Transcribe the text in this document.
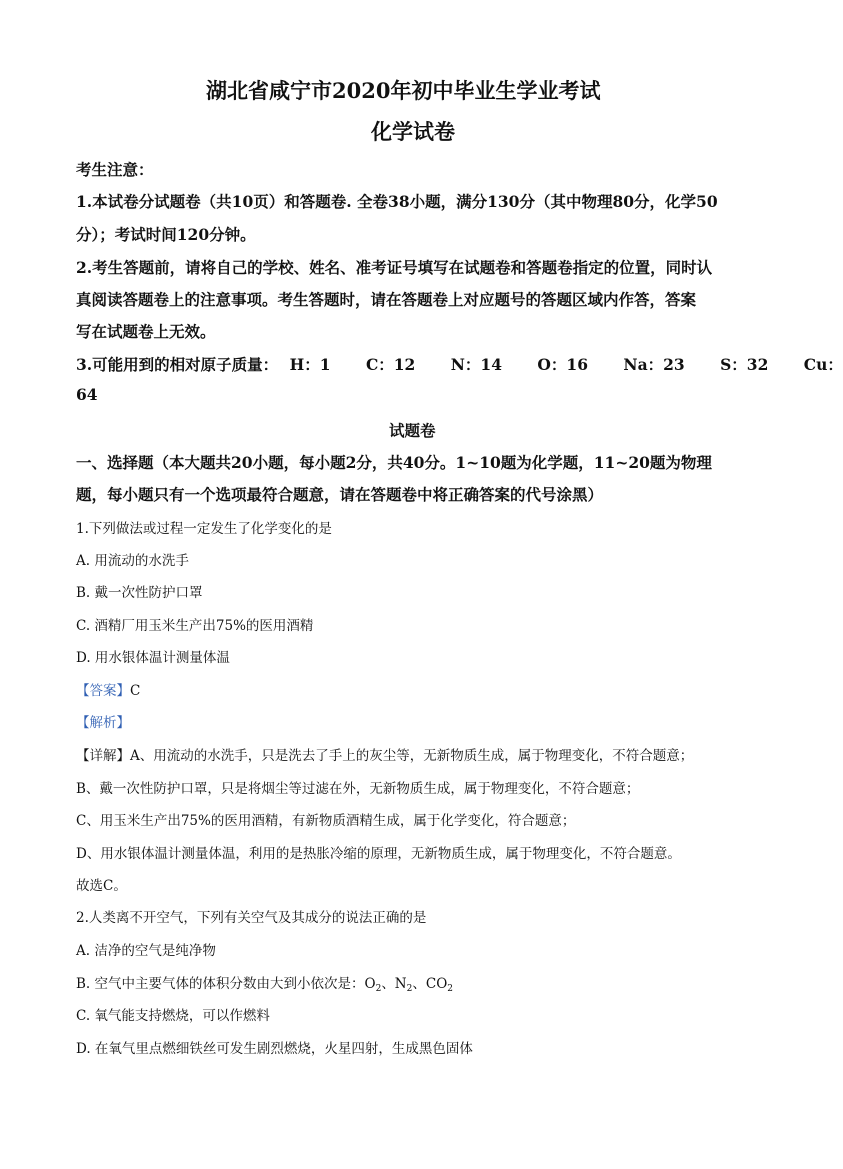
湖北省咸宁市2020年初中毕业生学业考试
化学试卷
考生注意：
1.本试卷分试题卷（共10页）和答题卷. 全卷38小题，满分130分（其中物理80分，化学50
分）；考试时间120分钟。
2.考生答题前，请将自己的学校、姓名、准考证号填写在试题卷和答题卷指定的位置，同时认
真阅读答题卷上的注意事项。考生答题时，请在答题卷上对应题号的答题区域内作答，答案
写在试题卷上无效。
3.可能用到的相对原子质量： H：1 C：12 N：14 O：16 Na：23 S：32 Cu：
64
试题卷
一、选择题（本大题共20小题，每小题2分，共40分。1~10题为化学题，11~20题为物理
题，每小题只有一个选项最符合题意，请在答题卷中将正确答案的代号涂黑）
1.下列做法或过程一定发生了化学变化的是
A. 用流动的水洗手
B. 戴一次性防护口罩
C. 酒精厂用玉米生产出75%的医用酒精
D. 用水银体温计测量体温
【答案】C
【解析】
【详解】A、用流动的水洗手，只是洗去了手上的灰尘等，无新物质生成，属于物理变化，不符合题意；
B、戴一次性防护口罩，只是将烟尘等过滤在外，无新物质生成，属于物理变化，不符合题意；
C、用玉米生产出75%的医用酒精，有新物质酒精生成，属于化学变化，符合题意；
D、用水银体温计测量体温，利用的是热胀冷缩的原理，无新物质生成，属于物理变化，不符合题意。
故选C。
2.人类离不开空气，下列有关空气及其成分的说法正确的是
A. 洁净的空气是纯净物
B. 空气中主要气体的体积分数由大到小依次是：$O_2$、$N_2$、$CO_2$
C. 氧气能支持燃烧，可以作燃料
D. 在氧气里点燃细铁丝可发生剧烈燃烧，火星四射，生成黑色固体
